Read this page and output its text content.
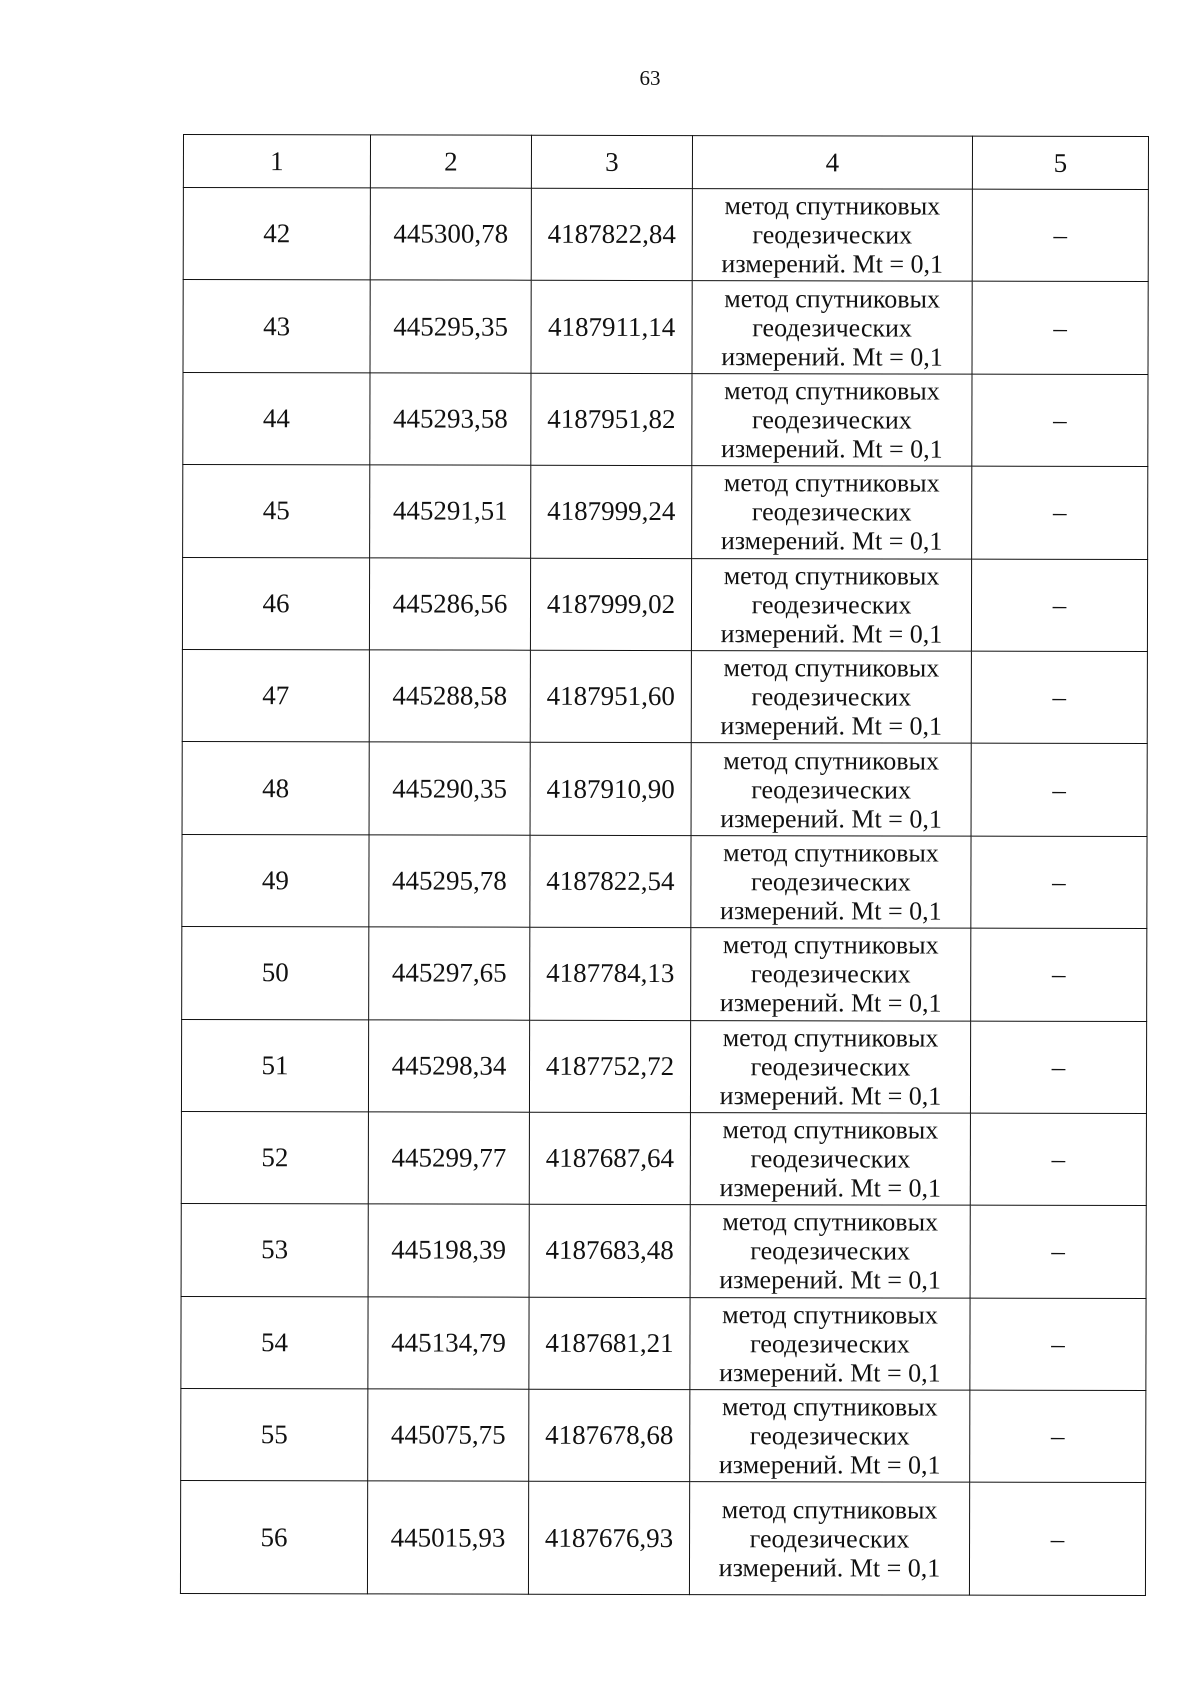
63
1	2	3	4	5
42	445300,78	4187822,84	метод спутниковых
геодезических
измерений. Mt = 0,1	–
43	445295,35	4187911,14	метод спутниковых
геодезических
измерений. Mt = 0,1	–
44	445293,58	4187951,82	метод спутниковых
геодезических
измерений. Mt = 0,1	–
45	445291,51	4187999,24	метод спутниковых
геодезических
измерений. Mt = 0,1	–
46	445286,56	4187999,02	метод спутниковых
геодезических
измерений. Mt = 0,1	–
47	445288,58	4187951,60	метод спутниковых
геодезических
измерений. Mt = 0,1	–
48	445290,35	4187910,90	метод спутниковых
геодезических
измерений. Mt = 0,1	–
49	445295,78	4187822,54	метод спутниковых
геодезических
измерений. Mt = 0,1	–
50	445297,65	4187784,13	метод спутниковых
геодезических
измерений. Mt = 0,1	–
51	445298,34	4187752,72	метод спутниковых
геодезических
измерений. Mt = 0,1	–
52	445299,77	4187687,64	метод спутниковых
геодезических
измерений. Mt = 0,1	–
53	445198,39	4187683,48	метод спутниковых
геодезических
измерений. Mt = 0,1	–
54	445134,79	4187681,21	метод спутниковых
геодезических
измерений. Mt = 0,1	–
55	445075,75	4187678,68	метод спутниковых
геодезических
измерений. Mt = 0,1	–
56	445015,93	4187676,93	метод спутниковых
геодезических
измерений. Mt = 0,1	–
